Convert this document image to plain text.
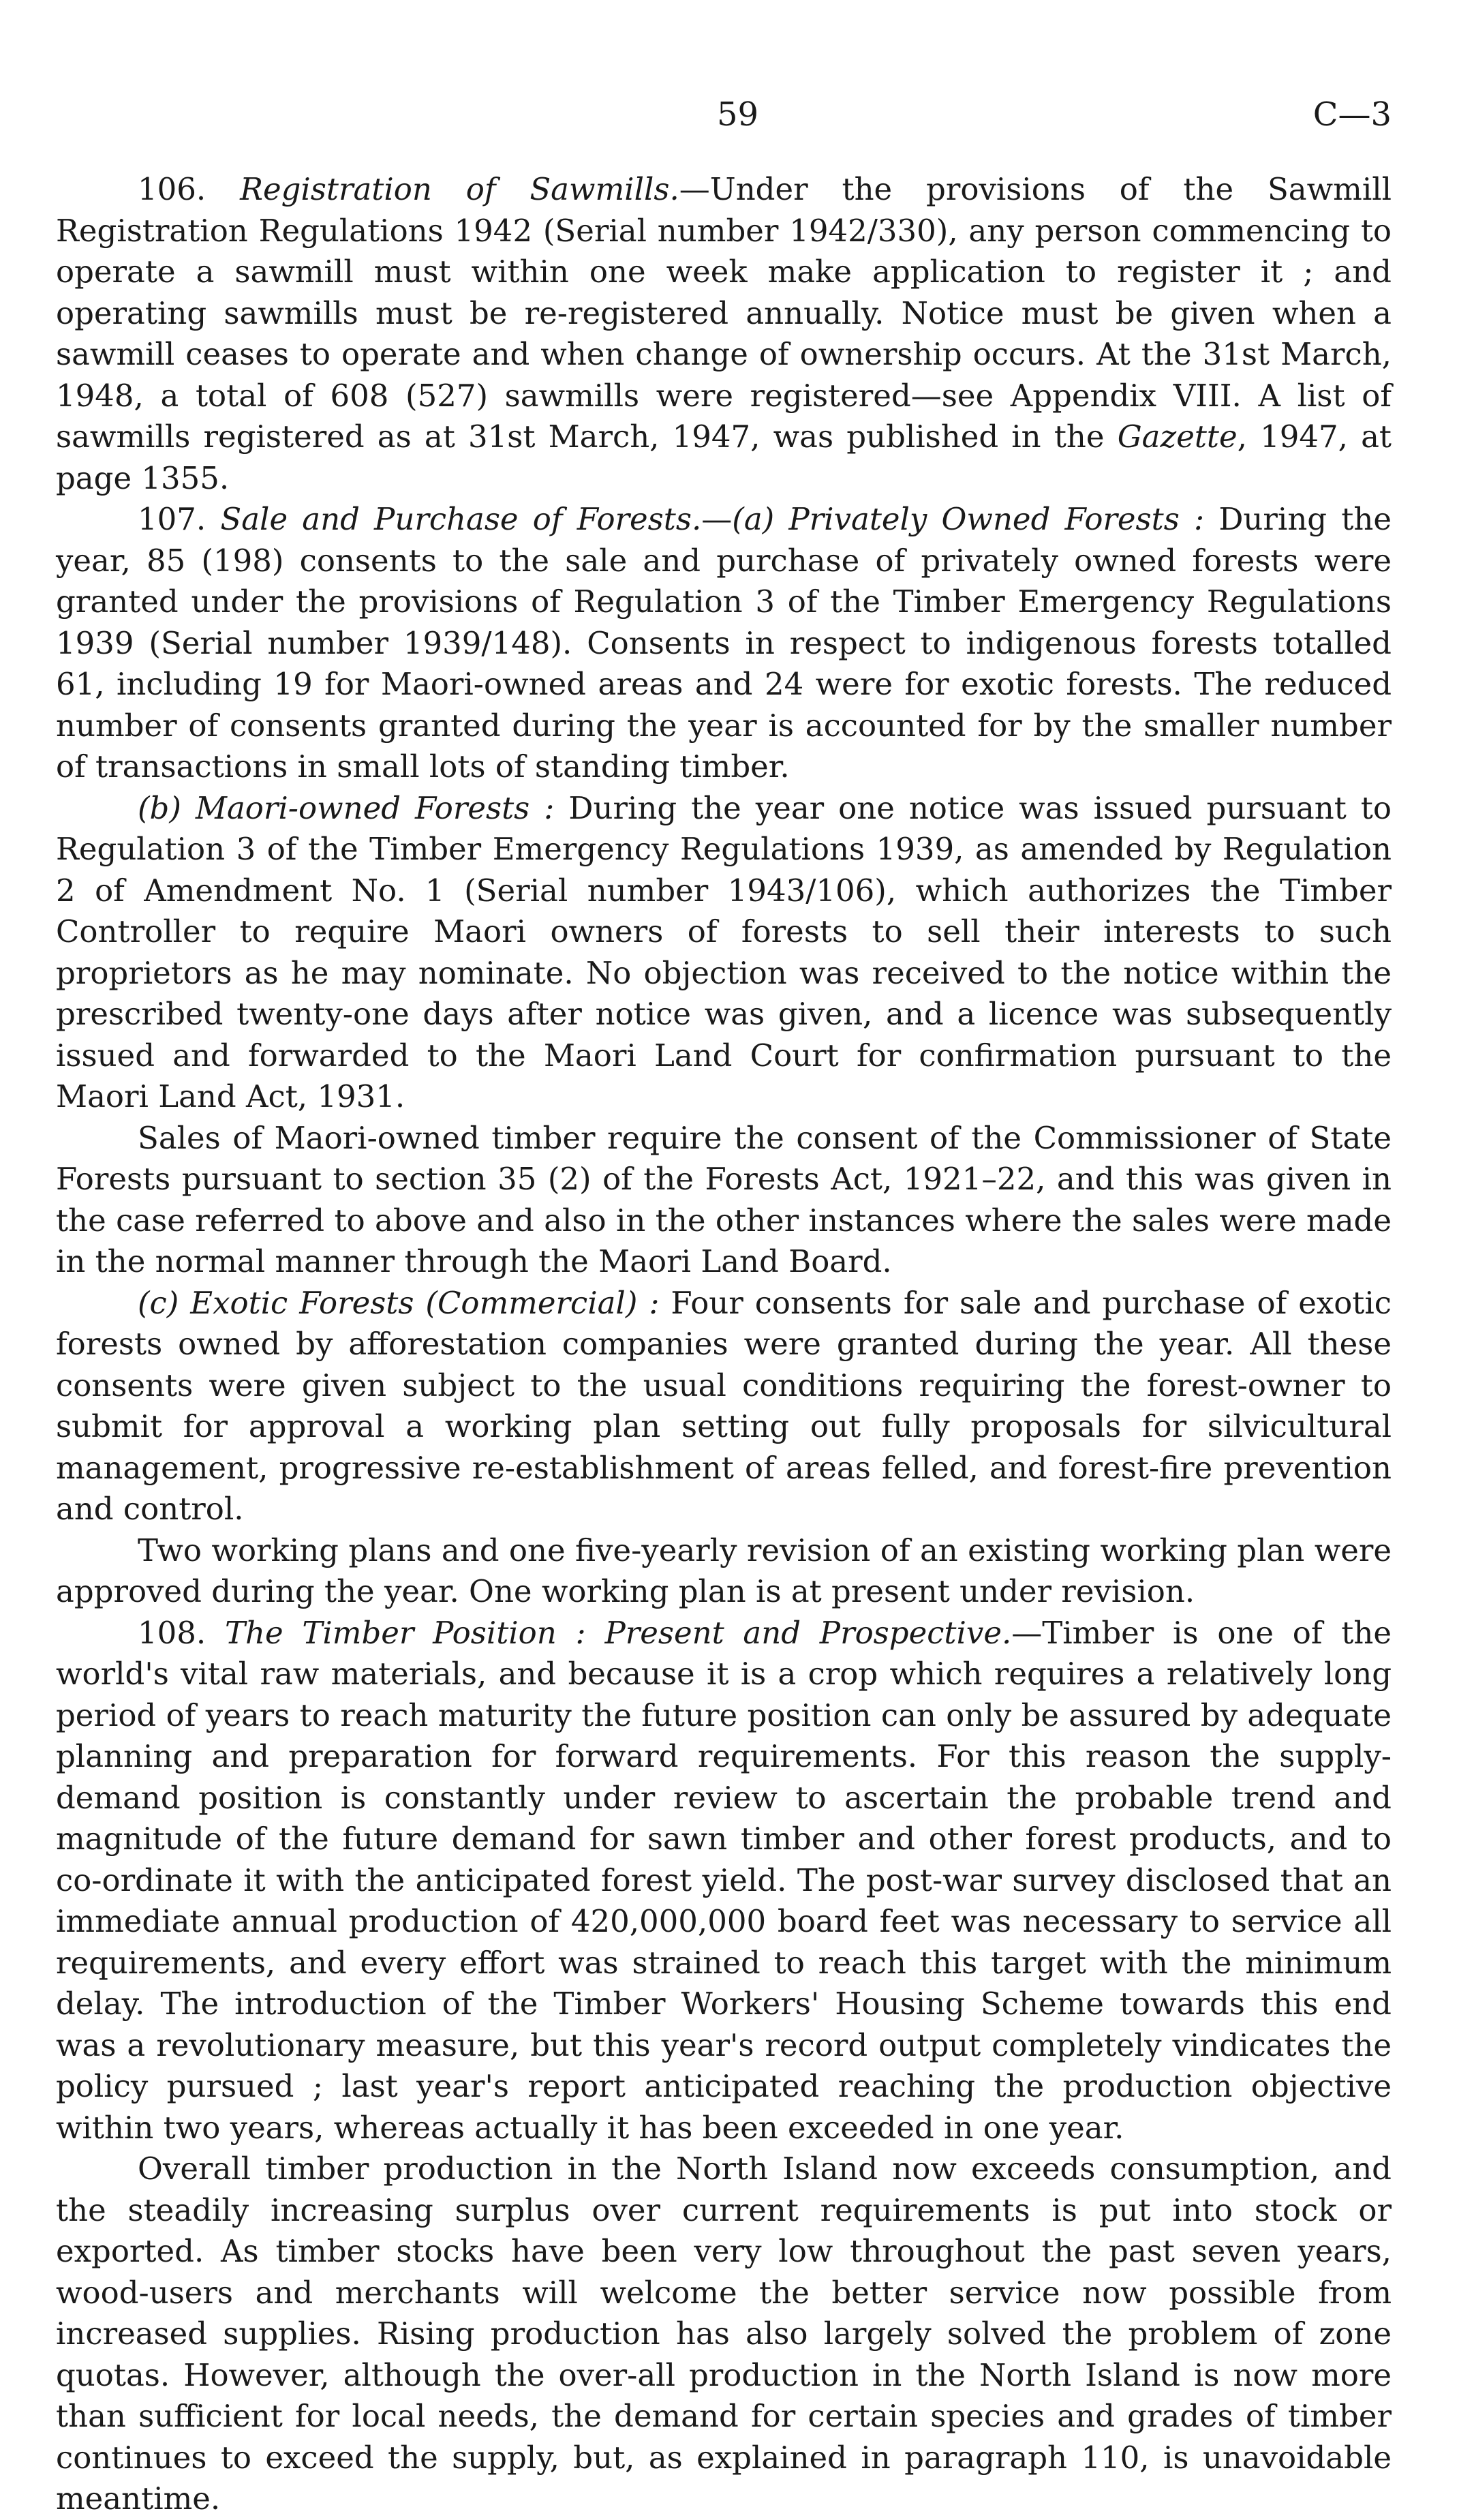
59	C—3

106. Registration of Sawmills.—Under the provisions of the Sawmill Registration Regulations 1942 (Serial number 1942/330), any person commencing to operate a sawmill must within one week make application to register it ; and operating sawmills must be re-registered annually. Notice must be given when a sawmill ceases to operate and when change of ownership occurs. At the 31st March, 1948, a total of 608 (527) sawmills were registered—see Appendix VIII. A list of sawmills registered as at 31st March, 1947, was published in the Gazette, 1947, at page 1355.

107. Sale and Purchase of Forests.—(a) Privately Owned Forests : During the year, 85 (198) consents to the sale and purchase of privately owned forests were granted under the provisions of Regulation 3 of the Timber Emergency Regulations 1939 (Serial number 1939/148). Consents in respect to indigenous forests totalled 61, including 19 for Maori-owned areas and 24 were for exotic forests. The reduced number of consents granted during the year is accounted for by the smaller number of transactions in small lots of standing timber.

(b) Maori-owned Forests : During the year one notice was issued pursuant to Regulation 3 of the Timber Emergency Regulations 1939, as amended by Regulation 2 of Amendment No. 1 (Serial number 1943/106), which authorizes the Timber Controller to require Maori owners of forests to sell their interests to such proprietors as he may nominate. No objection was received to the notice within the prescribed twenty-one days after notice was given, and a licence was subsequently issued and forwarded to the Maori Land Court for confirmation pursuant to the Maori Land Act, 1931.

Sales of Maori-owned timber require the consent of the Commissioner of State Forests pursuant to section 35 (2) of the Forests Act, 1921–22, and this was given in the case referred to above and also in the other instances where the sales were made in the normal manner through the Maori Land Board.

(c) Exotic Forests (Commercial) : Four consents for sale and purchase of exotic forests owned by afforestation companies were granted during the year. All these consents were given subject to the usual conditions requiring the forest-owner to submit for approval a working plan setting out fully proposals for silvicultural management, progressive re-establishment of areas felled, and forest-fire prevention and control.

Two working plans and one five-yearly revision of an existing working plan were approved during the year. One working plan is at present under revision.

108. The Timber Position : Present and Prospective.—Timber is one of the world's vital raw materials, and because it is a crop which requires a relatively long period of years to reach maturity the future position can only be assured by adequate planning and preparation for forward requirements. For this reason the supply-demand position is constantly under review to ascertain the probable trend and magnitude of the future demand for sawn timber and other forest products, and to co-ordinate it with the anticipated forest yield. The post-war survey disclosed that an immediate annual production of 420,000,000 board feet was necessary to service all requirements, and every effort was strained to reach this target with the minimum delay. The introduction of the Timber Workers' Housing Scheme towards this end was a revolutionary measure, but this year's record output completely vindicates the policy pursued ; last year's report anticipated reaching the production objective within two years, whereas actually it has been exceeded in one year.

Overall timber production in the North Island now exceeds consumption, and the steadily increasing surplus over current requirements is put into stock or exported. As timber stocks have been very low throughout the past seven years, wood-users and merchants will welcome the better service now possible from increased supplies. Rising production has also largely solved the problem of zone quotas. However, although the over-all production in the North Island is now more than sufficient for local needs, the demand for certain species and grades of timber continues to exceed the supply, but, as explained in paragraph 110, is unavoidable meantime.
